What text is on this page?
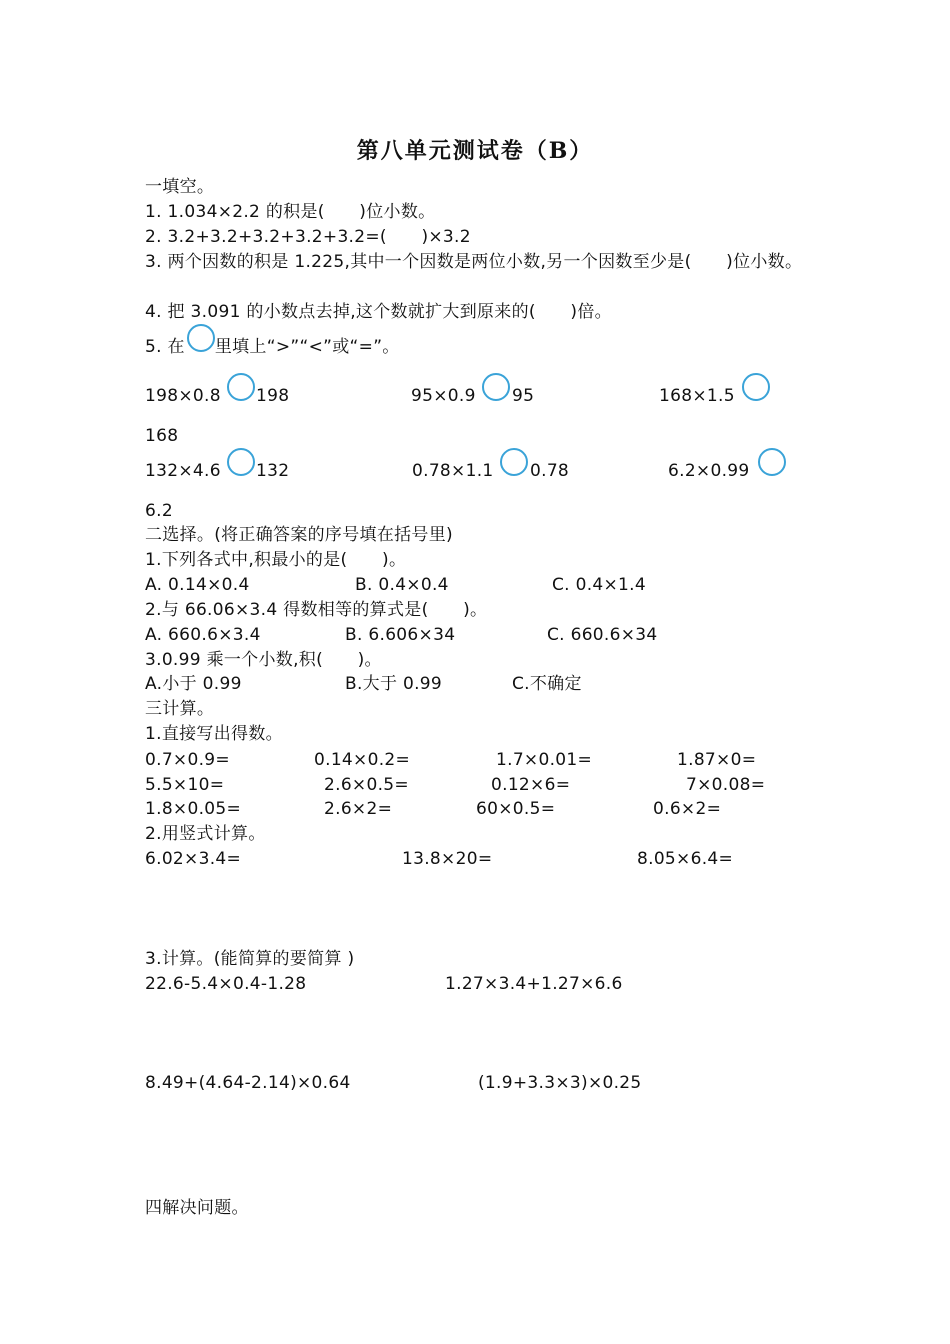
第八单元测试卷（B）
一填空。
1. 1.034×2.2 的积是(　　)位小数。
2. 3.2+3.2+3.2+3.2+3.2=(　　)×3.2
3. 两个因数的积是 1.225,其中一个因数是两位小数,另一个因数至少是(　　)位小数。
4. 把 3.091 的小数点去掉,这个数就扩大到原来的(　　)倍。
5. 在 里填上“>”“<”或“=”。
198×0.8 198	95×0.9 95	168×1.5
168
132×4.6 132	0.78×1.1 0.78	6.2×0.99
6.2
二选择。(将正确答案的序号填在括号里)
1.下列各式中,积最小的是(　　)。
A. 0.14×0.4	B. 0.4×0.4	C. 0.4×1.4
2.与 66.06×3.4 得数相等的算式是(　　)。
A. 660.6×3.4	B. 6.606×34	C. 660.6×34
3.0.99 乘一个小数,积(　　)。
A.小于 0.99	B.大于 0.99	C.不确定
三计算。
1.直接写出得数。
0.7×0.9=	0.14×0.2=	1.7×0.01=	1.87×0=
5.5×10=	2.6×0.5=	0.12×6=	7×0.08=
1.8×0.05=	2.6×2=	60×0.5=	0.6×2=
2.用竖式计算。
6.02×3.4=	13.8×20=	8.05×6.4=
3.计算。(能简算的要简算 )
22.6-5.4×0.4-1.28	1.27×3.4+1.27×6.6
8.49+(4.64-2.14)×0.64	(1.9+3.3×3)×0.25
四解决问题。
